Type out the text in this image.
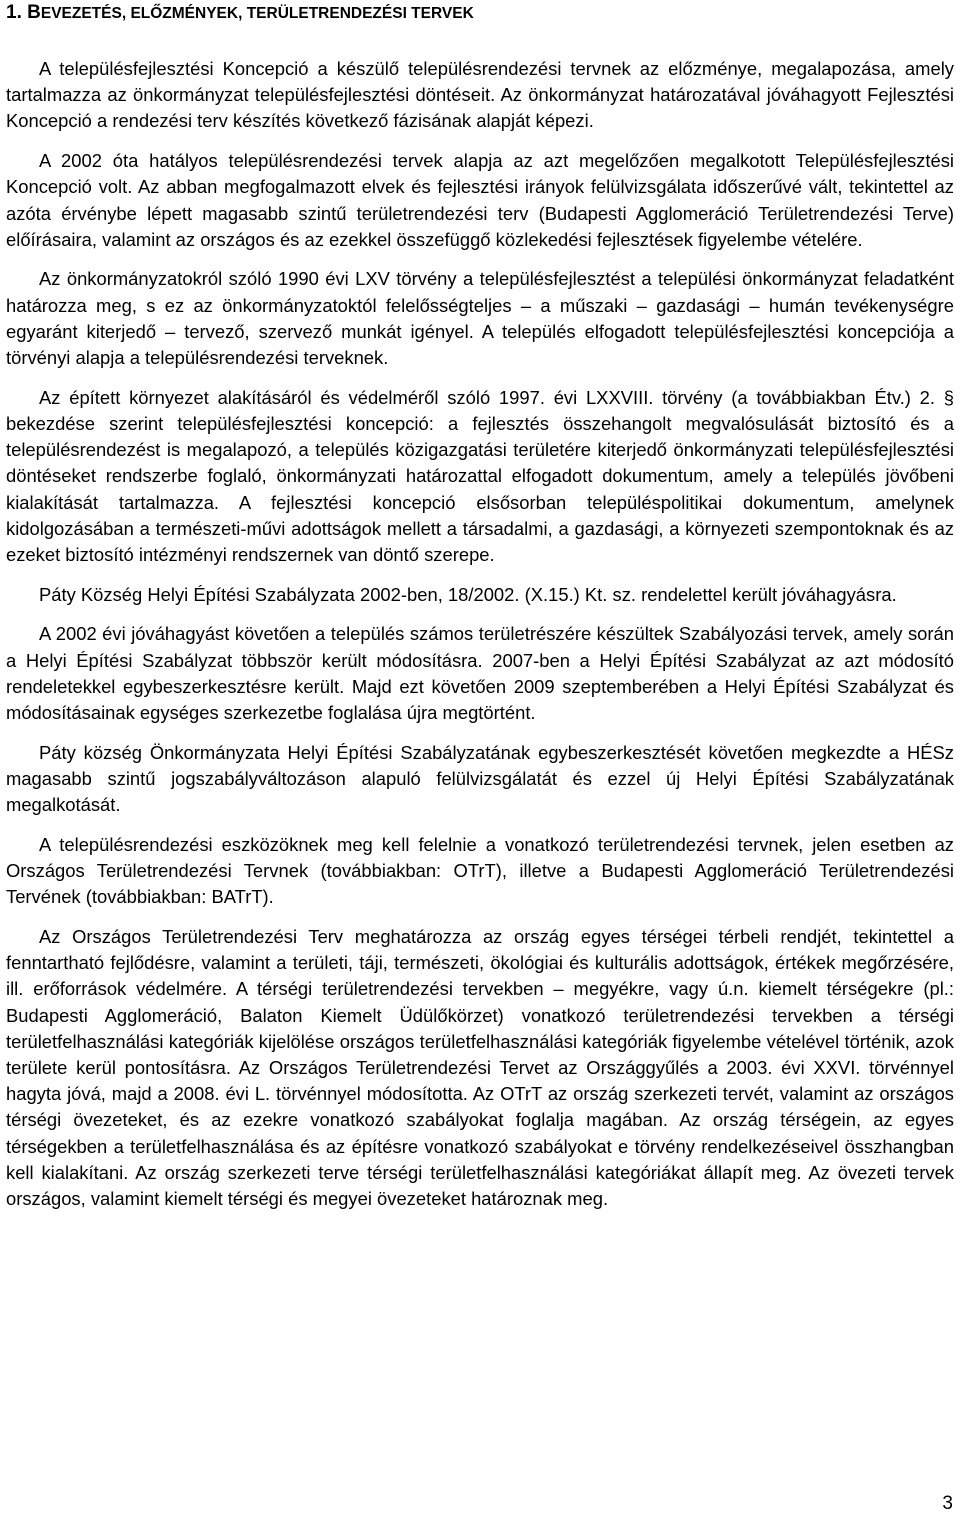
1. BEVEZETÉS, ELŐZMÉNYEK, TERÜLETRENDEZÉSI TERVEK

A településfejlesztési Koncepció a készülő településrendezési tervnek az előzménye, megalapozása, amely tartalmazza az önkormányzat településfejlesztési döntéseit. Az önkormányzat határozatával jóváhagyott Fejlesztési Koncepció a rendezési terv készítés következő fázisának alapját képezi.

A 2002 óta hatályos településrendezési tervek alapja az azt megelőzően megalkotott Településfejlesztési Koncepció volt. Az abban megfogalmazott elvek és fejlesztési irányok felülvizsgálata időszerűvé vált, tekintettel az azóta érvénybe lépett magasabb szintű területrendezési terv (Budapesti Agglomeráció Területrendezési Terve) előírásaira, valamint az országos és az ezekkel összefüggő közlekedési fejlesztések figyelembe vételére.

Az önkormányzatokról szóló 1990 évi LXV törvény a településfejlesztést a települési önkormányzat feladatként határozza meg, s ez az önkormányzatoktól felelősségteljes – a műszaki – gazdasági – humán tevékenységre egyaránt kiterjedő – tervező, szervező munkát igényel. A település elfogadott településfejlesztési koncepciója a törvényi alapja a településrendezési terveknek.

Az épített környezet alakításáról és védelméről szóló 1997. évi LXXVIII. törvény (a továbbiakban Étv.) 2. § bekezdése szerint településfejlesztési koncepció: a fejlesztés összehangolt megvalósulását biztosító és a településrendezést is megalapozó, a település közigazgatási területére kiterjedő önkormányzati településfejlesztési döntéseket rendszerbe foglaló, önkormányzati határozattal elfogadott dokumentum, amely a település jövőbeni kialakítását tartalmazza. A fejlesztési koncepció elsősorban településpolitikai dokumentum, amelynek kidolgozásában a természeti-művi adottságok mellett a társadalmi, a gazdasági, a környezeti szempontoknak és az ezeket biztosító intézményi rendszernek van döntő szerepe.

Páty Község Helyi Építési Szabályzata 2002-ben, 18/2002. (X.15.) Kt. sz. rendelettel került jóváhagyásra.

A 2002 évi jóváhagyást követően a település számos területrészére készültek Szabályozási tervek, amely során a Helyi Építési Szabályzat többször került módosításra. 2007-ben a Helyi Építési Szabályzat az azt módosító rendeletekkel egybeszerkesztésre került. Majd ezt követően 2009 szeptemberében a Helyi Építési Szabályzat és módosításainak egységes szerkezetbe foglalása újra megtörtént.

Páty község Önkormányzata Helyi Építési Szabályzatának egybeszerkesztését követően megkezdte a HÉSz magasabb szintű jogszabályváltozáson alapuló felülvizsgálatát és ezzel új Helyi Építési Szabályzatának megalkotását.

A településrendezési eszközöknek meg kell felelnie a vonatkozó területrendezési tervnek, jelen esetben az Országos Területrendezési Tervnek (továbbiakban: OTrT), illetve a Budapesti Agglomeráció Területrendezési Tervének (továbbiakban: BATrT).

Az Országos Területrendezési Terv meghatározza az ország egyes térségei térbeli rendjét, tekintettel a fenntartható fejlődésre, valamint a területi, táji, természeti, ökológiai és kulturális adottságok, értékek megőrzésére, ill. erőforrások védelmére. A térségi területrendezési tervekben – megyékre, vagy ú.n. kiemelt térségekre (pl.: Budapesti Agglomeráció, Balaton Kiemelt Üdülőkörzet) vonatkozó területrendezési tervekben a térségi területfelhasználási kategóriák kijelölése országos területfelhasználási kategóriák figyelembe vételével történik, azok területe kerül pontosításra. Az Országos Területrendezési Tervet az Országgyűlés a 2003. évi XXVI. törvénnyel hagyta jóvá, majd a 2008. évi L. törvénnyel módosította. Az OTrT az ország szerkezeti tervét, valamint az országos térségi övezeteket, és az ezekre vonatkozó szabályokat foglalja magában. Az ország térségein, az egyes térségekben a területfelhasználása és az építésre vonatkozó szabályokat e törvény rendelkezéseivel összhangban kell kialakítani. Az ország szerkezeti terve térségi területfelhasználási kategóriákat állapít meg. Az övezeti tervek országos, valamint kiemelt térségi és megyei övezeteket határoznak meg.

3
